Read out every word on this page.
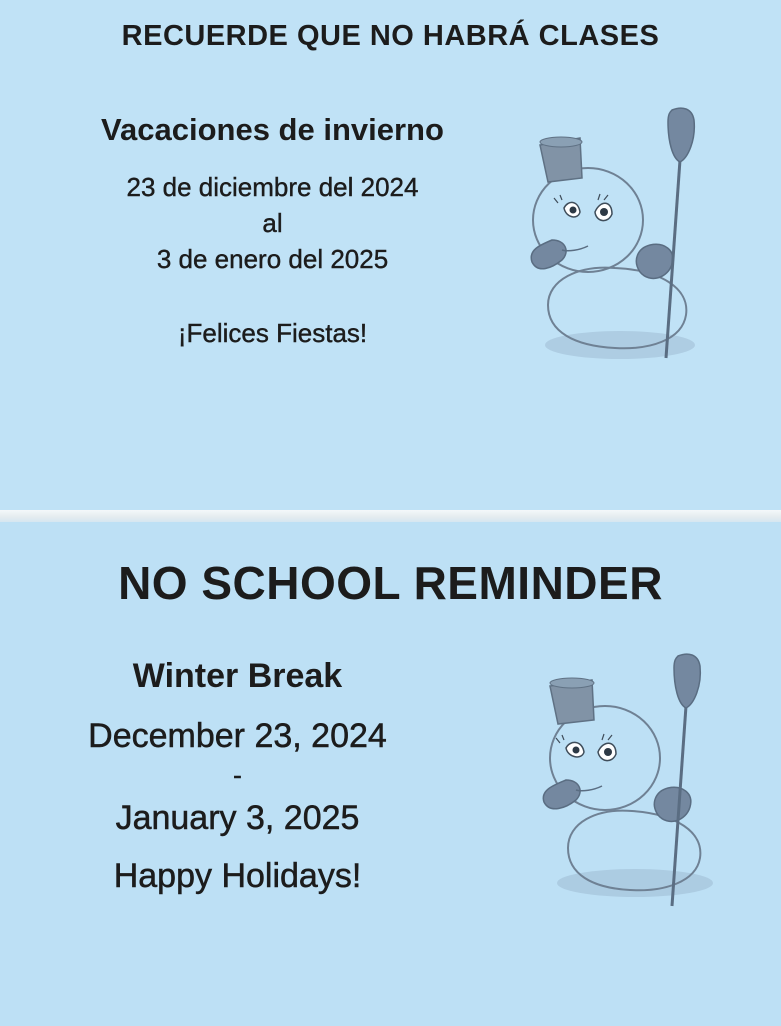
RECUERDE QUE NO HABRÁ CLASES
Vacaciones de invierno
23 de diciembre del 2024
al
3 de enero del 2025
¡Felices Fiestas!
NO SCHOOL REMINDER
Winter Break
December 23, 2024
-
January 3, 2025
Happy Holidays!
